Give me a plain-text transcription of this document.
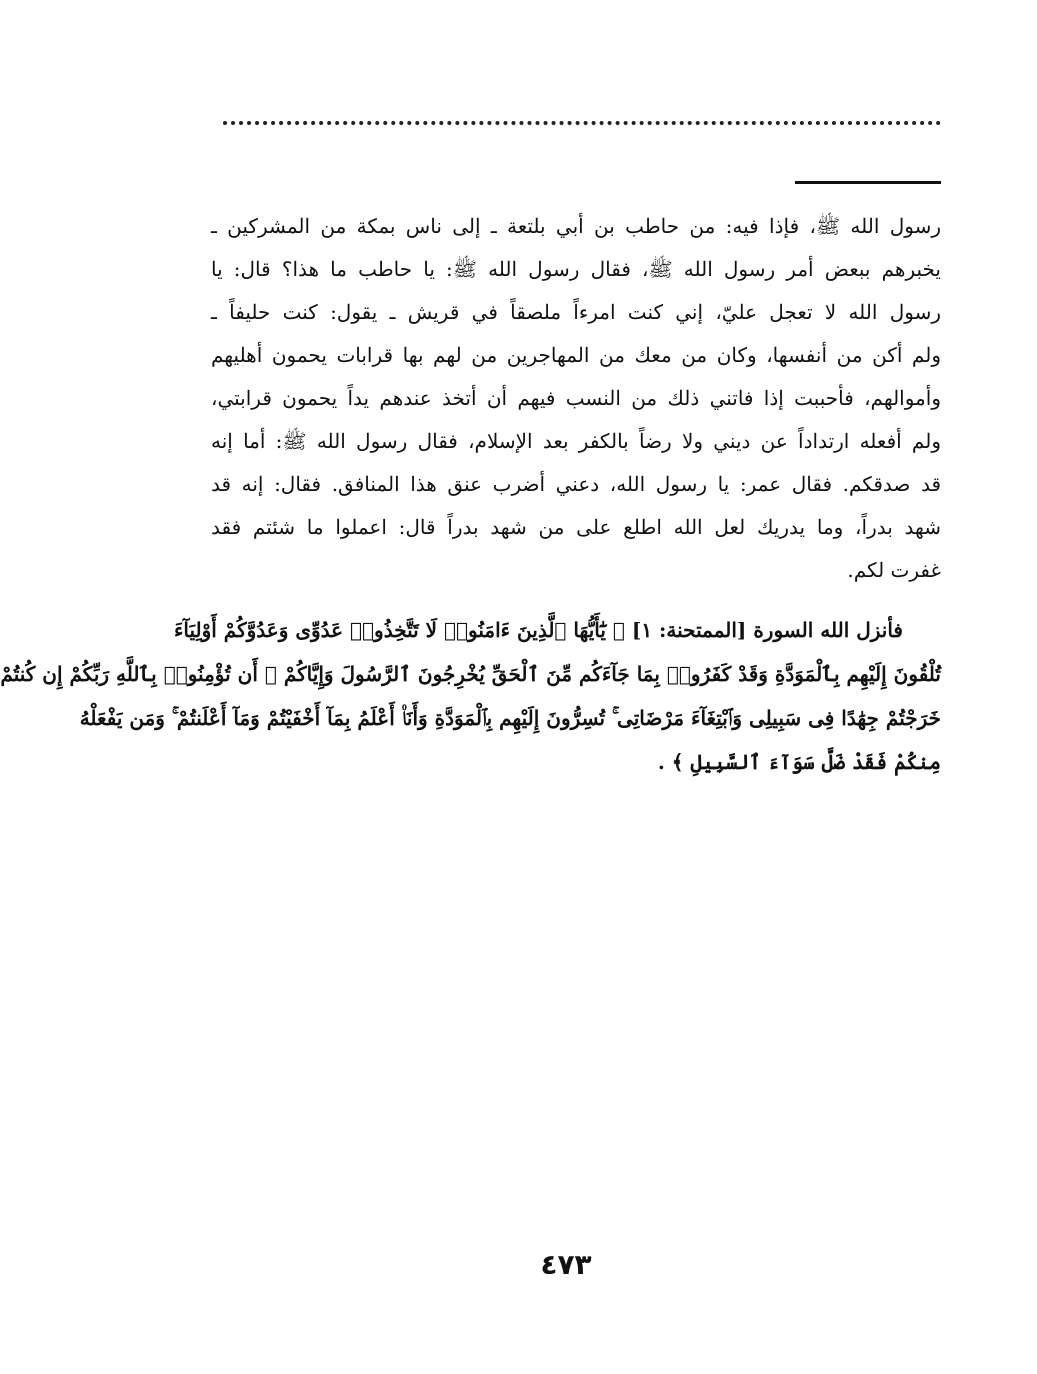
رسول الله ﷺ، فإذا فيه: من حاطب بن أبي بلتعة ـ إلى ناس بمكة من المشركين ـ
يخبرهم ببعض أمر رسول الله ﷺ، فقال رسول الله ﷺ: يا حاطب ما هذا؟ قال: يا
رسول الله لا تعجل عليّ، إني كنت امرءاً ملصقاً في قريش ـ يقول: كنت حليفاً ـ
ولم أكن من أنفسها، وكان من معك من المهاجرين من لهم بها قرابات يحمون أهليهم
وأموالهم، فأحببت إذا فاتني ذلك من النسب فيهم أن أتخذ عندهم يداً يحمون قرابتي،
ولم أفعله ارتداداً عن ديني ولا رضاً بالكفر بعد الإسلام، فقال رسول الله ﷺ: أما إنه
قد صدقكم. فقال عمر: يا رسول الله، دعني أضرب عنق هذا المنافق. فقال: إنه قد
شهد بدراً، وما يدريك لعل الله اطلع على من شهد بدراً قال: اعملوا ما شئتم فقد
غفرت لكم.
فأنزل الله السورة [الممتحنة: ١] ﴿ يَٰٓأَيُّهَا ٱلَّذِينَ ءَامَنُوا۟ لَا تَتَّخِذُوا۟ عَدُوِّى وَعَدُوَّكُمْ أَوْلِيَآءَ
تُلْقُونَ إِلَيْهِم بِٱلْمَوَدَّةِ وَقَدْ كَفَرُوا۟ بِمَا جَآءَكُم مِّنَ ٱلْحَقِّ يُخْرِجُونَ ٱلرَّسُولَ وَإِيَّاكُمْ ۙ أَن تُؤْمِنُوا۟ بِٱللَّهِ رَبِّكُمْ إِن كُنتُمْ
خَرَجْتُمْ جِهَٰدًا فِى سَبِيلِى وَٱبْتِغَآءَ مَرْضَاتِى ۚ تُسِرُّونَ إِلَيْهِم بِٱلْمَوَدَّةِ وَأَنَا۠ أَعْلَمُ بِمَآ أَخْفَيْتُمْ وَمَآ أَعْلَنتُمْ ۚ وَمَن يَفْعَلْهُ
مِنكُمْ فَقَدْ ضَلَّ سَوَآءَ ٱلسَّبِيلِ ﴾ .
٤٧٣
